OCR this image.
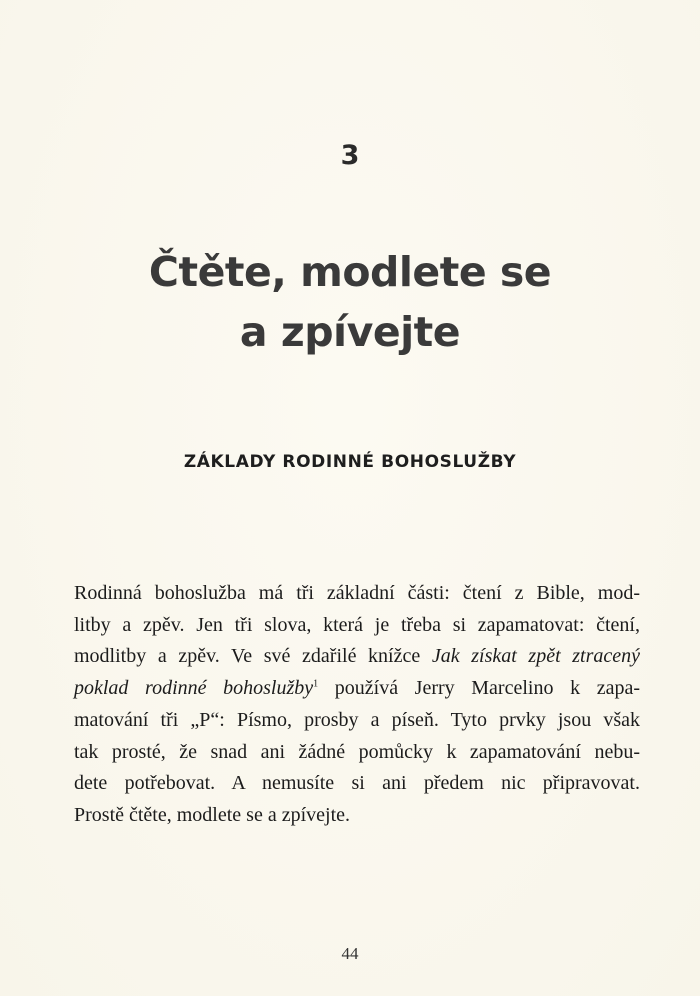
3
Čtěte, modlete se
a zpívejte
ZÁKLADY RODINNÉ BOHOSLUŽBY
Rodinná bohoslužba má tři základní části: čtení z Bible, mod-
litby a zpěv. Jen tři slova, která je třeba si zapamatovat: čtení,
modlitby a zpěv. Ve své zdařilé knížce Jak získat zpět ztracený
poklad rodinné bohoslužby$^1$ používá Jerry Marcelino k zapa-
matování tři „P“: Písmo, prosby a píseň. Tyto prvky jsou však
tak prosté, že snad ani žádné pomůcky k zapamatování nebu-
dete potřebovat. A nemusíte si ani předem nic připravovat.
Prostě čtěte, modlete se a zpívejte.
44
